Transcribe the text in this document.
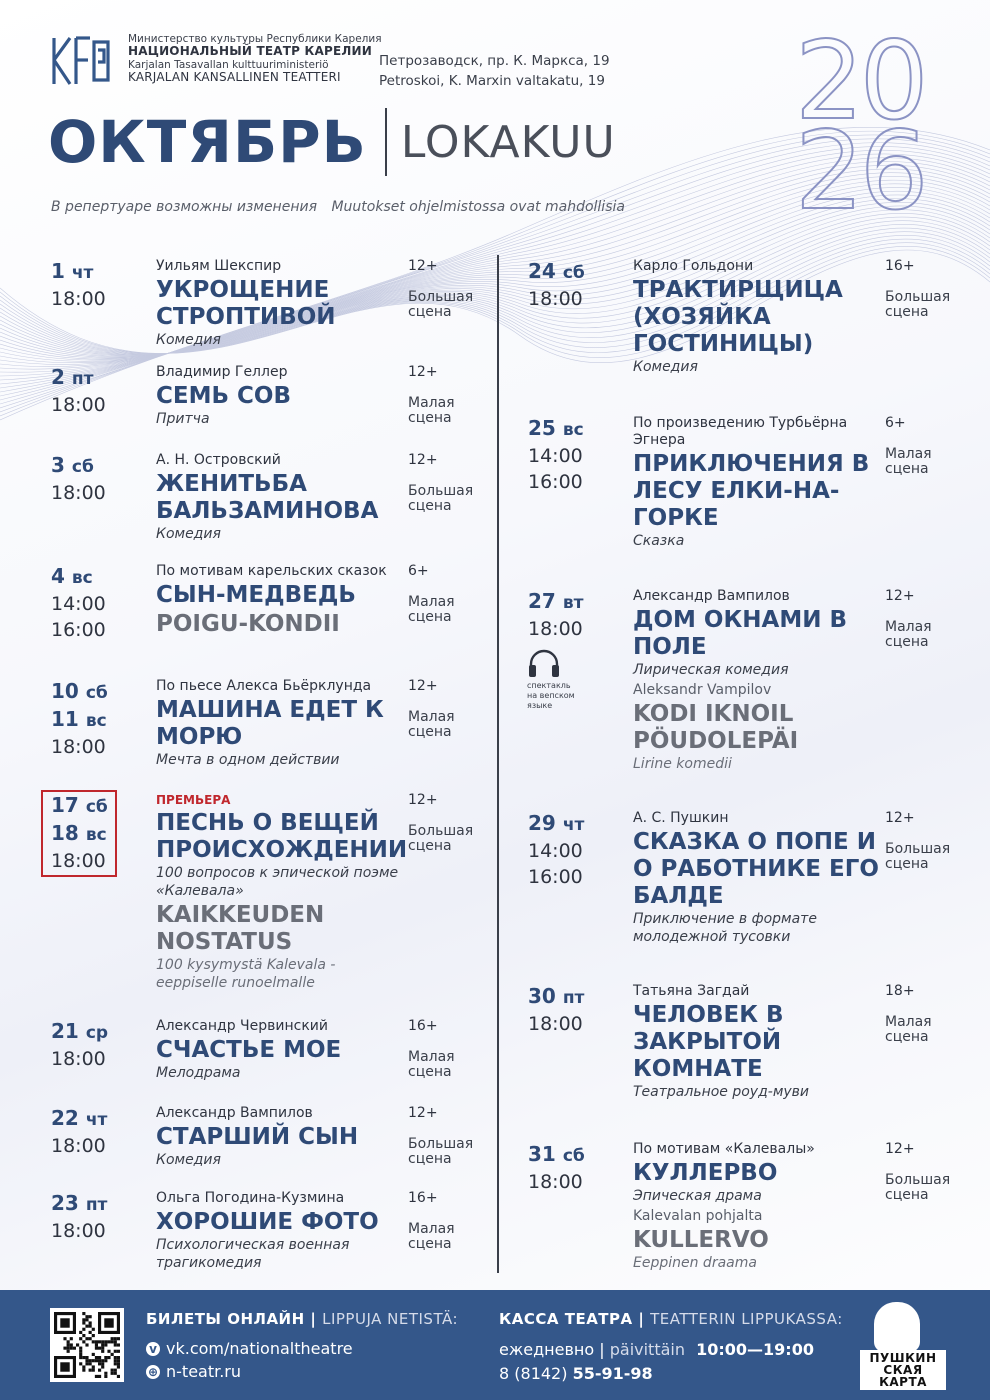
Министерство культуры Республики Карелия
НАЦИОНАЛЬНЫЙ ТЕАТР КАРЕЛИИ
Karjalan Tasavallan kulttuuriministeriö
KARJALAN KANSALLINEN TEATTERI
Петрозаводск, пр. К. Маркса, 19
Petroskoi, K. Marxin valtakatu, 19 20
26
ОКТЯБРЬ LOKAKUU
В репертуаре возможны изменения Muutokset ohjelmistossa ovat mahdollisia
1 чт
18:00
Уильям Шекспир
УКРОЩЕНИЕ СТРОПТИВОЙ
Комедия
12+
Большая сцена
2 пт
18:00
Владимир Геллер
СЕМЬ СОВ
Притча
12+
Малая сцена
3 сб
18:00
А. Н. Островский
ЖЕНИТЬБА БАЛЬЗАМИНОВА
Комедия
12+
Большая сцена
4 вс
14:00
16:00
По мотивам карельских сказок
СЫН-МЕДВЕДЬ
POIGU-KONDII
6+
Малая сцена
10 сб
11 вс
18:00
По пьесе Алекса Бьёрклунда
МАШИНА ЕДЕТ К МОРЮ
Мечта в одном действии
12+
Малая сцена
17 сб
18 вс
18:00
ПРЕМЬЕРА
ПЕСНЬ О ВЕЩЕЙ ПРОИСХОЖДЕНИИ
100 вопросов к эпической поэме «Калевала»
KAIKKEUDEN NOSTATUS
100 kysymystä Kalevala -eeppiselle runoelmalle
12+
Большая сцена
21 ср
18:00
Александр Червинский
СЧАСТЬЕ МОЕ
Мелодрама
16+
Малая сцена
22 чт
18:00
Александр Вампилов
СТАРШИЙ СЫН
Комедия
12+
Большая сцена
23 пт
18:00
Ольга Погодина-Кузмина
ХОРОШИЕ ФОТО
Психологическая военная трагикомедия
16+
Малая сцена
24 сб
18:00
Карло Гольдони
ТРАКТИРЩИЦА (ХОЗЯЙКА ГОСТИНИЦЫ)
Комедия
16+
Большая сцена
25 вс
14:00
16:00
По произведению Турбьёрна Эгнера
ПРИКЛЮЧЕНИЯ В ЛЕСУ ЕЛКИ-НА-ГОРКЕ
Сказка
6+
Малая сцена
27 вт
18:00
Александр Вампилов
ДОМ ОКНАМИ В ПОЛЕ
Лирическая комедия
Aleksandr Vampilov
KODI IKNOIL PÖUDOLEPÄI
Lirine komedii
12+
Малая сцена
29 чт
14:00
16:00
А. С. Пушкин
СКАЗКА О ПОПЕ И О РАБОТНИКЕ ЕГО БАЛДЕ
Приключение в формате молодежной тусовки
12+
Большая сцена
30 пт
18:00
Татьяна Загдай
ЧЕЛОВЕК В ЗАКРЫТОЙ КОМНАТЕ
Театральное роуд-муви
18+
Малая сцена
31 сб
18:00
По мотивам «Калевалы»
КУЛЛЕРВО
Эпическая драма
Kalevalan pohjalta
KULLERVO
Eeppinen draama
12+
Большая сцена
спектакль на вепском языке
БИЛЕТЫ ОНЛАЙН | LIPPUJA NETISTÄ:
v vk.com/nationaltheatre
⊕ n-teatr.ru
КАССА ТЕАТРА | TEATTERIN LIPPUKASSA:
ежедневно | päivittäin 10:00—19:00
8 (8142) 55-91-98
ПУШКИН
СКАЯ
КАРТА
